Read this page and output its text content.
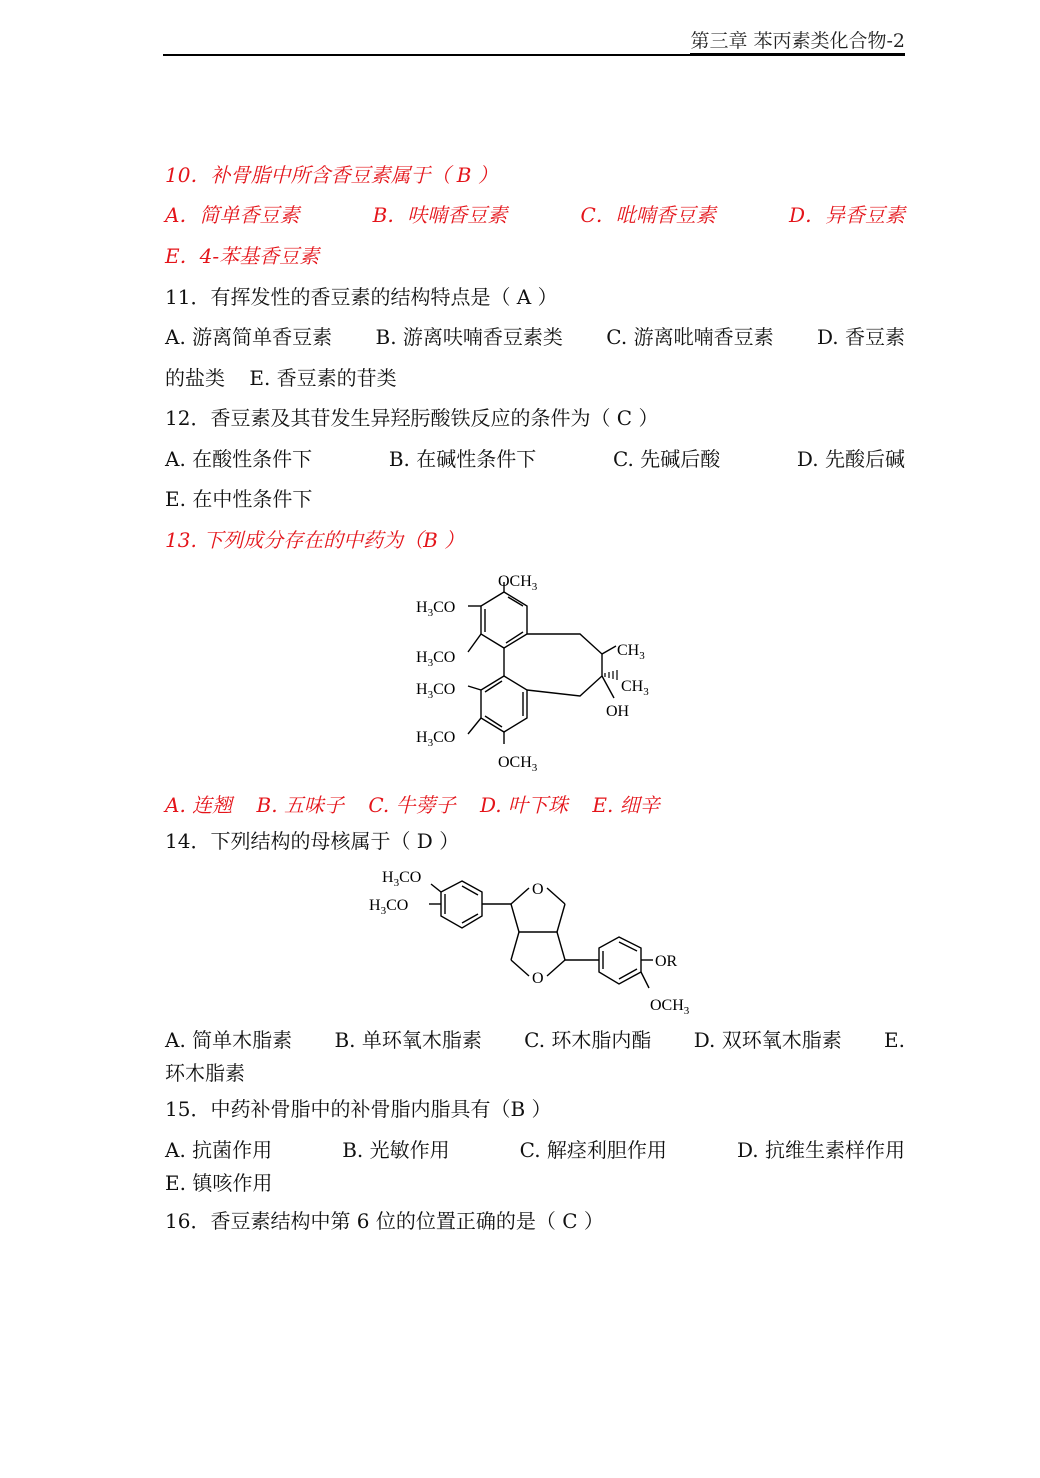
第三章 苯丙素类化合物-2
10．补骨脂中所含香豆素属于（ B ）
A．简单香豆素	B．呋喃香豆素	C．吡喃香豆素	D．异香豆素
E．4-苯基香豆素
11．有挥发性的香豆素的结构特点是（ A ）
A. 游离简单香豆素 B. 游离呋喃香豆素类 C. 游离吡喃香豆素 D. 香豆素
的盐类 E. 香豆素的苷类
12．香豆素及其苷发生异羟肟酸铁反应的条件为（ C ）
A. 在酸性条件下	B. 在碱性条件下	C. 先碱后酸	D. 先酸后碱
E. 在中性条件下
13. 下列成分存在的中药为（B ）
$OCH_3$
$H_3CO$
$H_3CO$
$H_3CO$
$H_3CO$
$OCH_3$
$CH_3$
$CH_3$
OH
A. 连翘 B. 五味子 C. 牛蒡子 D. 叶下珠 E. 细辛
14．下列结构的母核属于（ D ）
$H_3CO$
$H_3CO$
O
O
OR
$OCH_3$
A. 简单木脂素 B. 单环氧木脂素 C. 环木脂内酯 D. 双环氧木脂素 E.
环木脂素
15．中药补骨脂中的补骨脂内脂具有（B ）
A. 抗菌作用	B. 光敏作用	C. 解痉利胆作用	D. 抗维生素样作用
E. 镇咳作用
16．香豆素结构中第 6 位的位置正确的是（ C ）
